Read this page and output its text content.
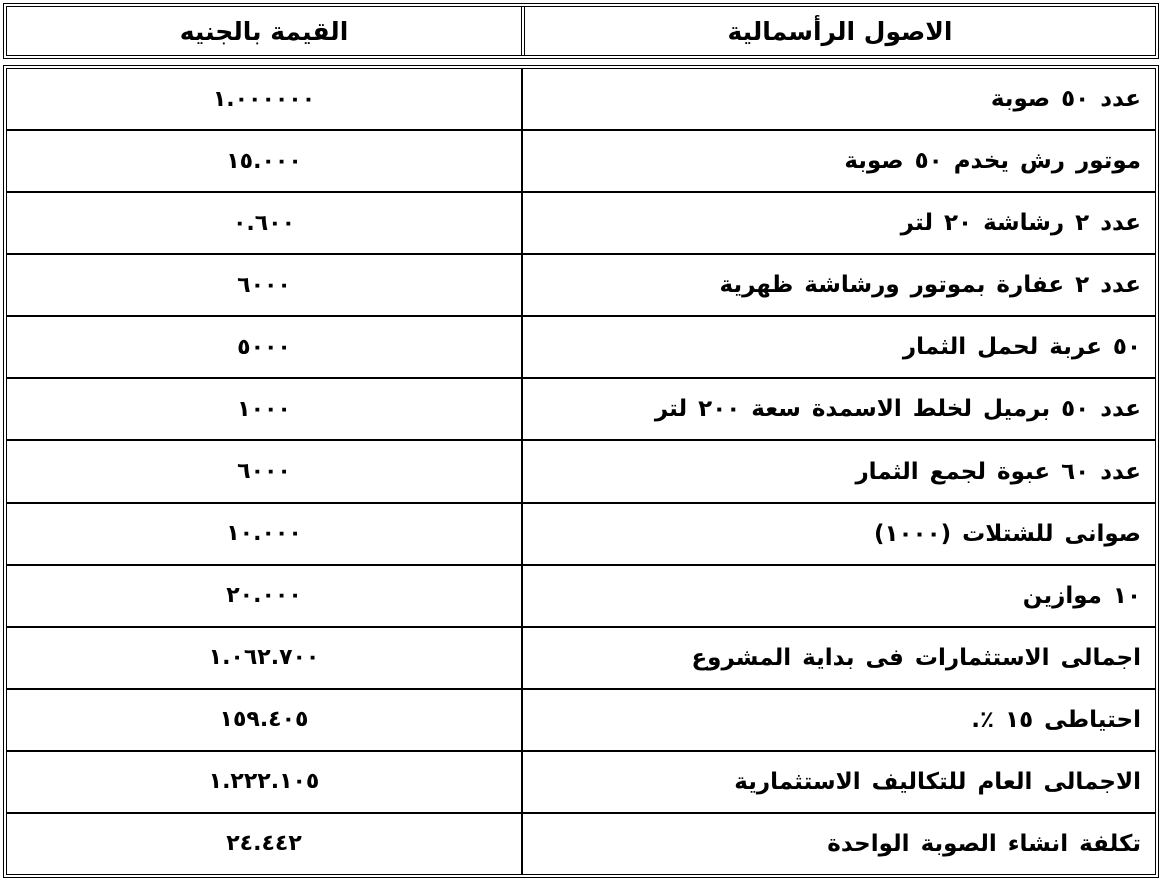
الاصول الرأسمالية
القيمة بالجنيه
عدد ٥٠ صوبة
١.٠٠٠٠٠٠
موتور رش يخدم ٥٠ صوبة
١٥.٠٠٠
عدد ٢ رشاشة ٢٠ لتر
٠.٦٠٠
عدد ٢ عفارة بموتور ورشاشة ظهرية
٦٠٠٠
٥٠ عربة لحمل الثمار
٥٠٠٠
عدد ٥٠ برميل لخلط الاسمدة سعة ٢٠٠ لتر
١٠٠٠
عدد ٦٠ عبوة لجمع الثمار
٦٠٠٠
صوانى للشتلات (١٠٠٠)
١٠.٠٠٠
١٠ موازين
٢٠.٠٠٠
اجمالى الاستثمارات فى بداية المشروع
١.٠٦٢.٧٠٠
احتياطى ١٥ ٪.
١٥٩.٤٠٥
الاجمالى العام للتكاليف الاستثمارية
١.٢٢٢.١٠٥
تكلفة انشاء الصوبة الواحدة
٢٤.٤٤٢
